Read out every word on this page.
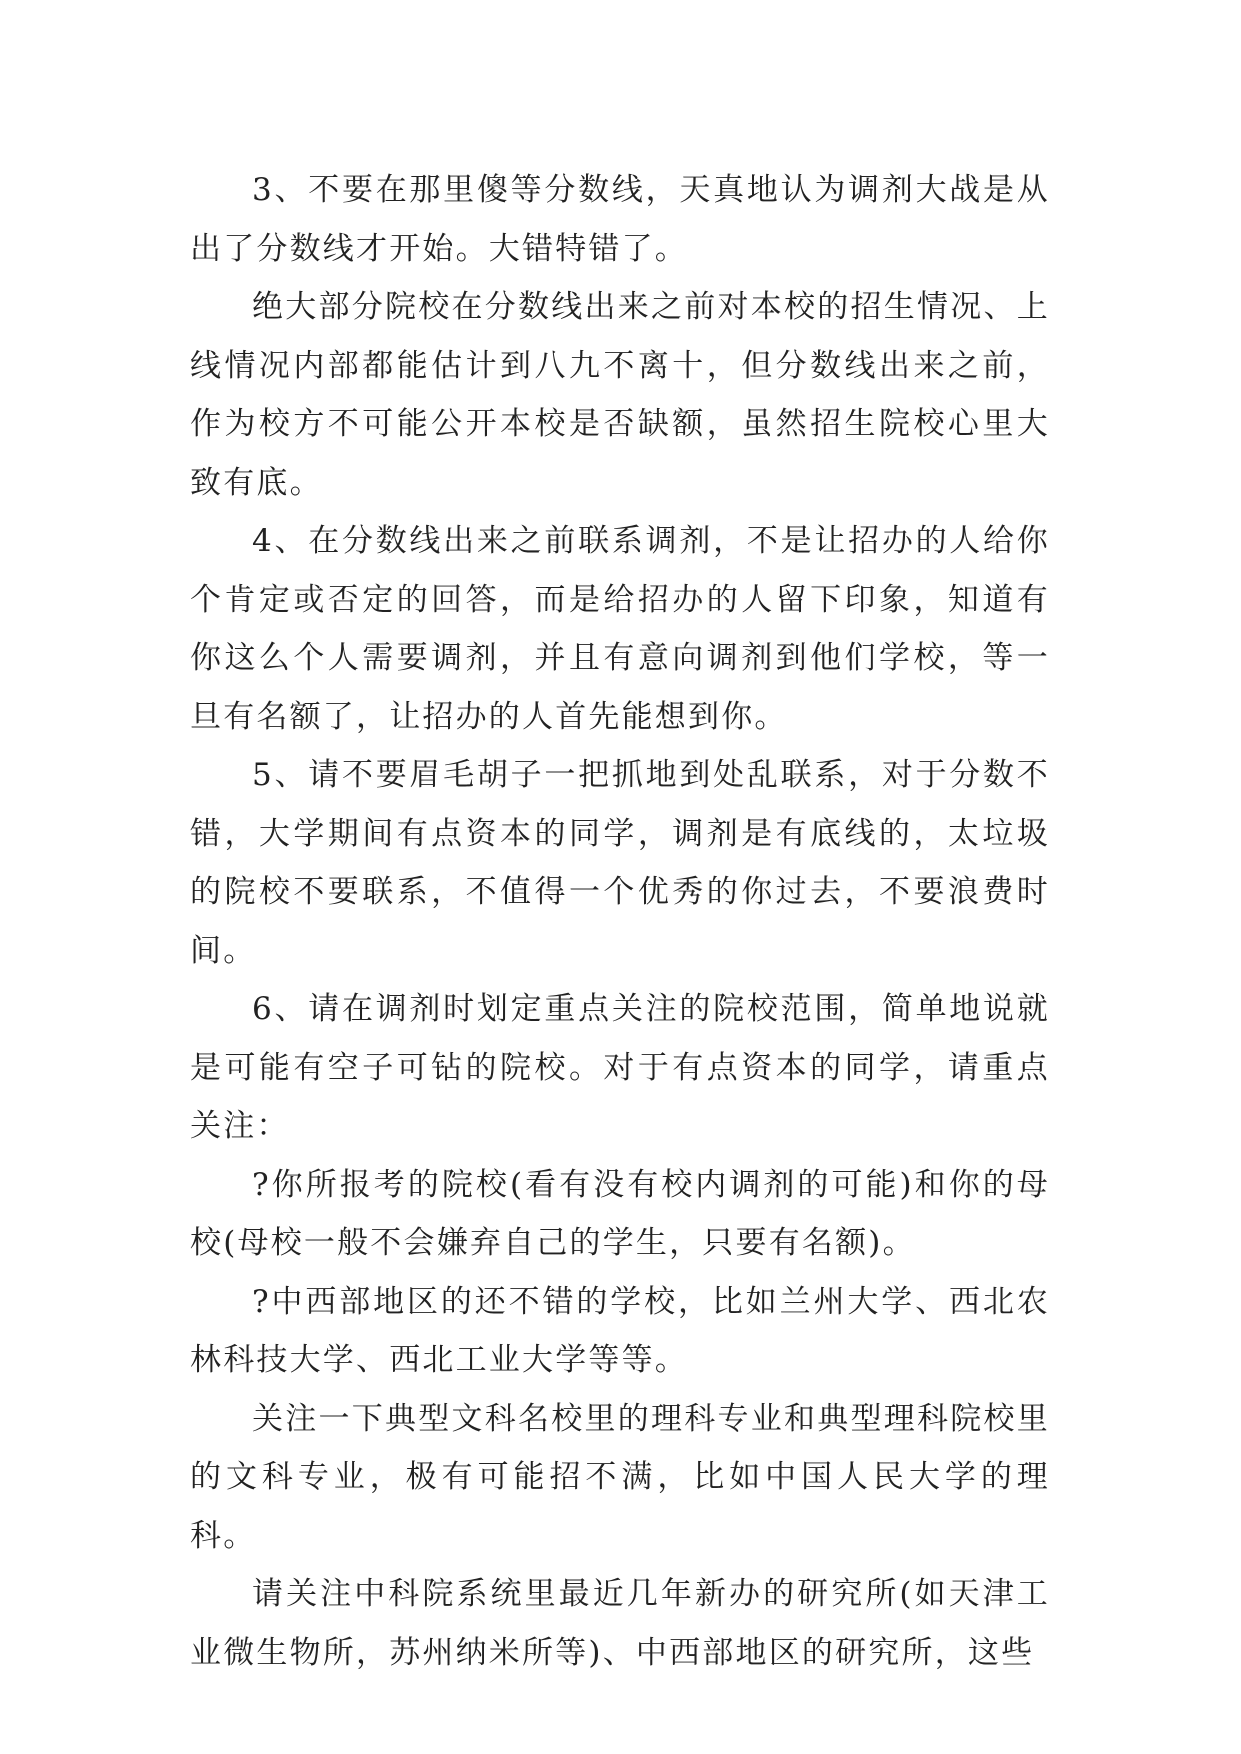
3、不要在那里傻等分数线，天真地认为调剂大战是从出了分数线才开始。大错特错了。

绝大部分院校在分数线出来之前对本校的招生情况、上线情况内部都能估计到八九不离十，但分数线出来之前，作为校方不可能公开本校是否缺额，虽然招生院校心里大致有底。

4、在分数线出来之前联系调剂，不是让招办的人给你个肯定或否定的回答，而是给招办的人留下印象，知道有你这么个人需要调剂，并且有意向调剂到他们学校，等一旦有名额了，让招办的人首先能想到你。

5、请不要眉毛胡子一把抓地到处乱联系，对于分数不错，大学期间有点资本的同学，调剂是有底线的，太垃圾的院校不要联系，不值得一个优秀的你过去，不要浪费时间。

6、请在调剂时划定重点关注的院校范围，简单地说就是可能有空子可钻的院校。对于有点资本的同学，请重点关注：

?你所报考的院校(看有没有校内调剂的可能)和你的母校(母校一般不会嫌弃自己的学生，只要有名额)。

?中西部地区的还不错的学校，比如兰州大学、西北农林科技大学、西北工业大学等等。

关注一下典型文科名校里的理科专业和典型理科院校里的文科专业，极有可能招不满，比如中国人民大学的理科。

请关注中科院系统里最近几年新办的研究所(如天津工业微生物所，苏州纳米所等)、中西部地区的研究所，这些
